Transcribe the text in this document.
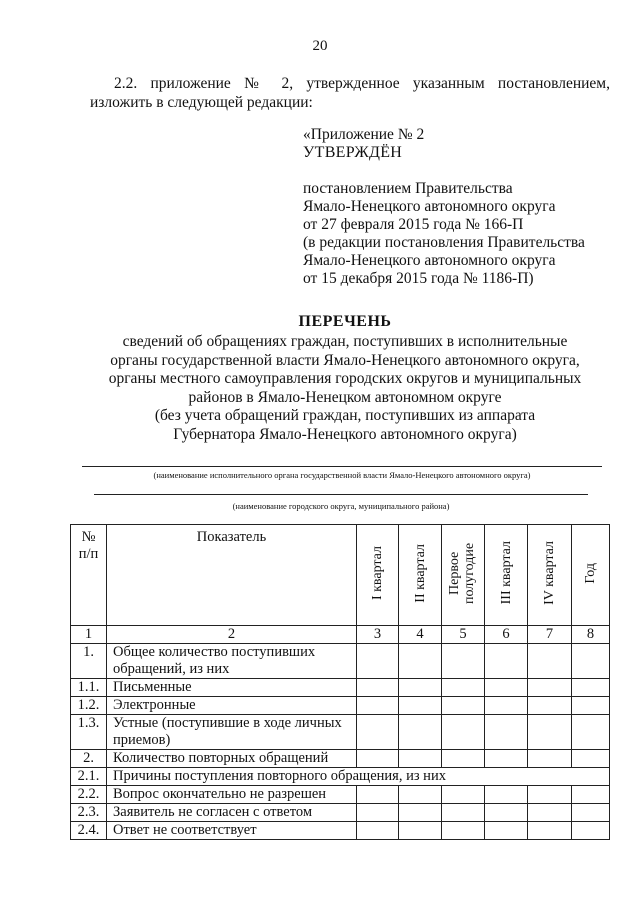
20
2.2. приложение № 2, утвержденное указанным постановлением, изложить в следующей редакции:
«Приложение № 2
УТВЕРЖДЁН
постановлением Правительства
Ямало-Ненецкого автономного округа
от 27 февраля 2015 года № 166-П
(в редакции постановления Правительства
Ямало-Ненецкого автономного округа
от 15 декабря 2015 года № 1186-П)
ПЕРЕЧЕНЬ
сведений об обращениях граждан, поступивших в исполнительные
органы государственной власти Ямало-Ненецкого автономного округа,
органы местного самоуправления городских округов и муниципальных
районов в Ямало-Ненецком автономном округе
(без учета обращений граждан, поступивших из аппарата
Губернатора Ямало-Ненецкого автономного округа)
(наименование исполнительного органа государственной власти Ямало-Ненецкого автономного округа)
(наименование городского округа, муниципального района)
№ п/п	Показатель	I квартал	II квартал	Первое полугодие	III квартал	IV квартал	Год

1	2	3	4	5	6	7	8
1.	Общее количество поступивших обращений, из них						
1.1.	Письменные						
1.2.	Электронные						
1.3.	Устные (поступившие в ходе личных приемов)						
2.	Количество повторных обращений						
2.1.	Причины поступления повторного обращения, из них						
2.2.	Вопрос окончательно не разрешен						
2.3.	Заявитель не согласен с ответом						
2.4.	Ответ не соответствует						
